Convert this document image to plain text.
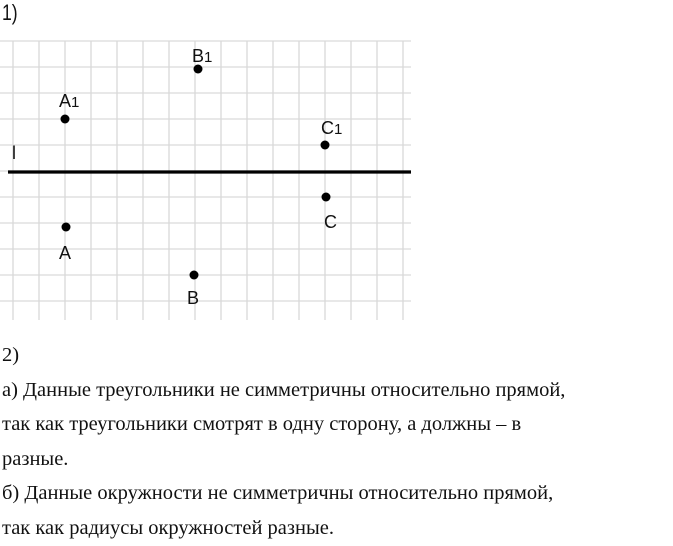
1)
l
A
A1
B
B1
C
C1
2)
а) Данные треугольники не симметричны относительно прямой,
так как треугольники смотрят в одну сторону, а должны – в
разные.
б) Данные окружности не симметричны относительно прямой,
так как радиусы окружностей разные.
